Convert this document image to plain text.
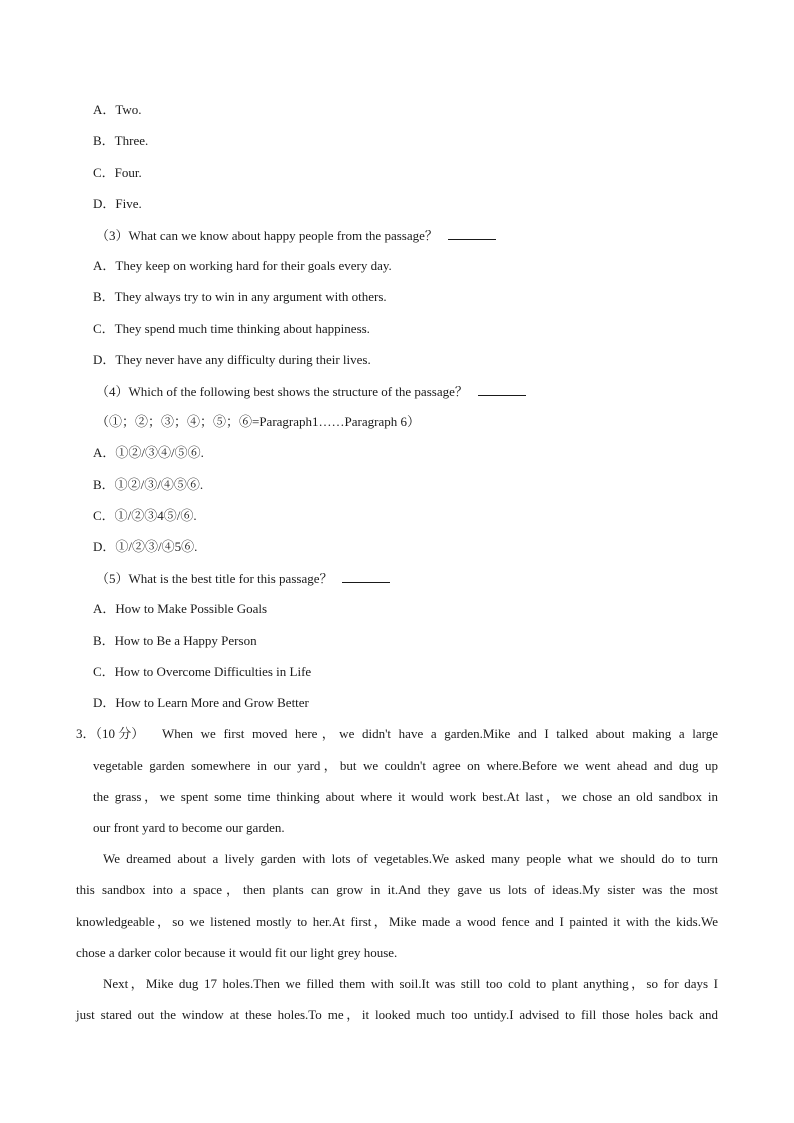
A．Two.
B．Three.
C．Four.
D．Five.
（3）What can we know about happy people from the passage？
A．They keep on working hard for their goals every day.
B．They always try to win in any argument with others.
C．They spend much time thinking about happiness.
D．They never have any difficulty during their lives.
（4）Which of the following best shows the structure of the passage？
（①；②；③；④；⑤；⑥=Paragraph1……Paragraph 6）
A．①②/③④/⑤⑥.
B．①②/③/④⑤⑥.
C．①/②③4⑤/⑥.
D．①/②③/④5⑥.
（5）What is the best title for this passage？
A．How to Make Possible Goals
B．How to Be a Happy Person
C．How to Overcome Difficulties in Life
D．How to Learn More and Grow Better
3．（10 分） When we first moved here，we didn't have a garden.Mike and I talked about making a large
vegetable garden somewhere in our yard，but we couldn't agree on where.Before we went ahead and dug up
the grass，we spent some time thinking about where it would work best.At last，we chose an old sandbox in
our front yard to become our garden.
We dreamed about a lively garden with lots of vegetables.We asked many people what we should do to turn
this sandbox into a space，then plants can grow in it.And they gave us lots of ideas.My sister was the most
knowledgeable，so we listened mostly to her.At first，Mike made a wood fence and I painted it with the kids.We
chose a darker color because it would fit our light grey house.
Next，Mike dug 17 holes.Then we filled them with soil.It was still too cold to plant anything，so for days I
just stared out the window at these holes.To me，it looked much too untidy.I advised to fill those holes back and
